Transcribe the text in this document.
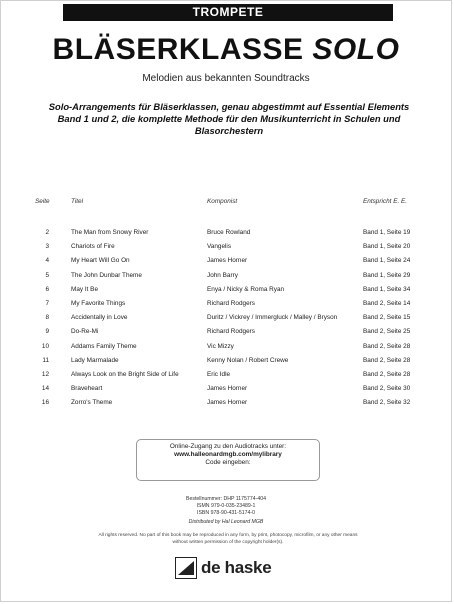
TROMPETE
BLÄSERKLASSE SOLO
Melodien aus bekannten Soundtracks
Solo-Arrangements für Bläserklassen, genau abgestimmt auf Essential Elements Band 1 und 2, die komplette Methode für den Musikunterricht in Schulen und Blasorchestern
Seite	Titel	Komponist	Entspricht E. E.
2	The Man from Snowy River	Bruce Rowland	Band 1, Seite 19
3	Chariots of Fire	Vangelis	Band 1, Seite 20
4	My Heart Will Go On	James Horner	Band 1, Seite 24
5	The John Dunbar Theme	John Barry	Band 1, Seite 29
6	May It Be	Enya / Nicky & Roma Ryan	Band 1, Seite 34
7	My Favorite Things	Richard Rodgers	Band 2, Seite 14
8	Accidentally in Love	Duritz / Vickrey / Immergluck / Malley / Bryson	Band 2, Seite 15
9	Do-Re-Mi	Richard Rodgers	Band 2, Seite 25
10	Addams Family Theme	Vic Mizzy	Band 2, Seite 28
11	Lady Marmalade	Kenny Nolan / Robert Crewe	Band 2, Seite 28
12	Always Look on the Bright Side of Life	Eric Idle	Band 2, Seite 28
14	Braveheart	James Horner	Band 2, Seite 30
16	Zorro's Theme	James Horner	Band 2, Seite 32
Online-Zugang zu den Audiotracks unter:
www.halleonardmgb.com/mylibrary
Code eingeben:
Bestellnummer: DHP 1175774-404
ISMN 979-0-035-23489-1
ISBN 978-90-431-5174-0
Distributed by Hal Leonard MGB
All rights reserved. No part of this book may be reproduced in any form, by print, photocopy, microfilm, or any other means without written permission of the copyright holder(s).
de haske
